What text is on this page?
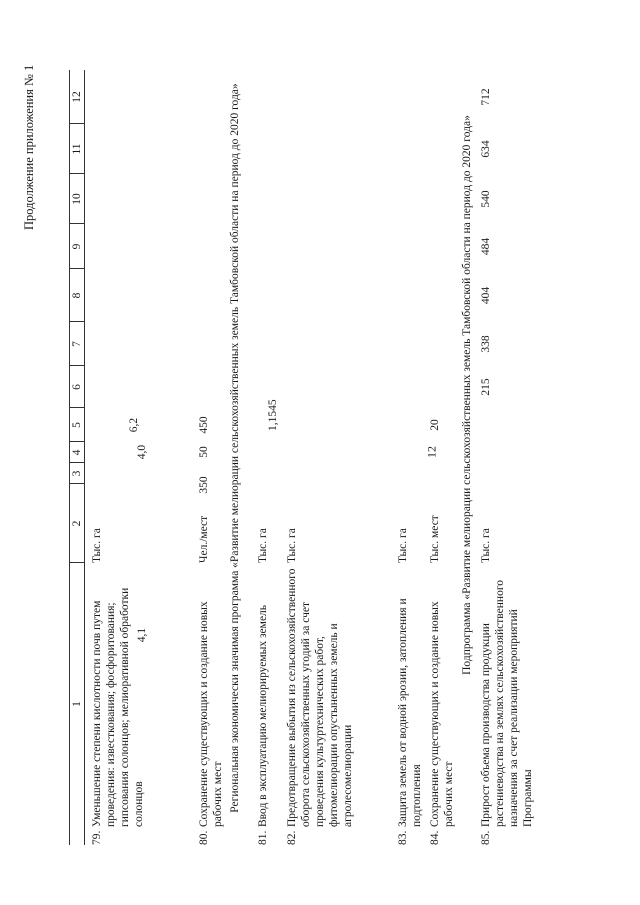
12
Продолжение приложения № 1
1
2
3
4
5
6
7
8
9
10
11
12
79.
Уменьшение степени кислотности почв путем проведения: известкования; фосфоритования; гипсования солонцов; мелиоративной обработки солонцов
Тыс. га
4,1
4,0
6,2
80.
Сохранение существующих и создание новых рабочих мест
Чел./мест
350
50
450 Региональная экономически значимая программа «Развитие мелиорации сельскохозяйственных земель Тамбовской области на период до 2020 года»
81.
Ввод в эксплуатацию мелиорируемых земель
Тыс. га
1,1545
82.
Предотвращение выбытия из сельскохозяйственного оборота сельскохозяйственных угодий за счет проведения культуртехнических работ, фитомелиорации опустыненных земель и агролесомелиорации
Тыс. га
83.
Защита земель от водной эрозии, затопления и подтопления
Тыс. га
84.
Сохранение существующих и создание новых рабочих мест
Тыс. мест
20 Подпрограмма «Развитие мелиорации сельскохозяйственных земель Тамбовской области на период до 2020 года»
85.
Прирост объема производства продукции растениеводства на землях сельскохозяйственного назначения за счет реализации мероприятий Программы
Тыс. га
215
338
404
484
540
634
712
